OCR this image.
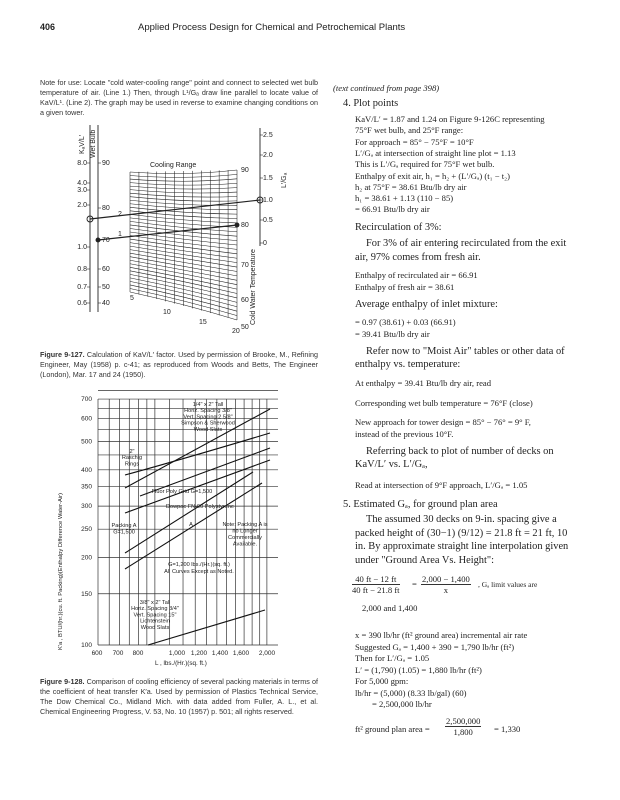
406	Applied Process Design for Chemical and Petrochemical Plants
Note for use: Locate "cold water-cooling range" point and connect to selected wet bulb temperature of air. (Line 1.) Then, through L¹/Gₐ draw line parallel to locate value of KaV/L¹. (Line 2). The graph may be used in reverse to examine changing conditions on a given tower.
KₐV/L′ Wet Bulb
Cooling Range
Cold Water Temperature
L′/Gₐ
2
1
8.0
4.0
3.0
2.0
1.0
0.8
0.7
0.6
90
80
70
60
50
40
90
80
70
60
50
2.5
2.0
1.5
1.0
0.5
0
5
10
15
20
Figure 9-127. Calculation of KaV/L′ factor. Used by permission of Brooke, M., Refining Engineer, May (1958) p. c-41; as reproduced from Woods and Betts, The Engineer (London), Mar. 17 and 24 (1950).
1/4" x 2" Tall
Horiz. Spacing 3/8"
Vert. Spacing 2 5/8"
Simpson & Sherwood
Wood Slats
2"
Raschig
Rings
Fluor Poly Grid G=1,500
Dowpac FN-90 Polystyrene
Packing A
G=1,500
A	Note: Packing A is
no Longer
Commercially
Available.
G=1,200 lbs./(Hr.)(sq. ft.)
All Curves Except as Noted.
3/8" x 2" Tall
Horiz. Spacing 3/4"
Vert. Spacing 15"
Lichtenstein
Wood Slats
700
600
500
400
350
300
250
200
150
100
600 700 800	1,000 1,200 1,400 1,600 2,000
K′a , BTU/(hr.)(cu. ft. Packing)(Enthalpy Difference Water-Air)
L , lbs./(Hr.)(sq. ft.)
Figure 9-128. Comparison of cooling efficiency of several packing materials in terms of the coefficient of heat transfer K′a. Used by permission of Plastics Technical Service, The Dow Chemical Co., Midland Mich. with data added from Fuller, A. L., et al. Chemical Engineering Progress, V. 53, No. 10 (1957) p. 501; all rights reserved.
(text continued from page 398)
4. Plot points
KaV/L′ = 1.87 and 1.24 on Figure 9-126C representing
75°F wet bulb, and 25°F range:
For approach = 85° − 75°F = 10°F
L′/Gₐ at intersection of straight line plot = 1.13
This is L′/Gₐ required for 75°F wet bulb.
Enthalpy of exit air, h₁ = h₂ + (L′/Gₐ) (t₁ − t₂)
h₂ at 75°F = 38.61 Btu/lb dry air
h₁ = 38.61 + 1.13 (110 − 85)
= 66.91 Btu/lb dry air
Recirculation of 3%:
For 3% of air entering recirculated from the exit
air, 97% comes from fresh air.
Enthalpy of recirculated air = 66.91
Enthalpy of fresh air = 38.61
Average enthalpy of inlet mixture:
= 0.97 (38.61) + 0.03 (66.91)
= 39.41 Btu/lb dry air
Refer now to "Moist Air" tables or other data of
enthalpy vs. temperature:
At enthalpy = 39.41 Btu/lb dry air, read
Corresponding wet bulb temperature = 76°F (close)
New approach for tower design = 85° − 76° = 9° F,
instead of the previous 10°F.
Referring back to plot of number of decks on
KaV/L′ vs. L′/Gₐ,
Read at intersection of 9°F approach, L′/Gₐ = 1.05
5. Estimated Gₐ, for ground plan area
The assumed 30 decks on 9-in. spacing give a
packed height of (30−1) (9/12) = 21.8 ft = 21 ft, 10
in. By approximate straight line interpolation given
under "Ground Area Vs. Height":
x = 390 lb/hr (ft² ground area) incremental air rate
Suggested Gₐ = 1,400 + 390 = 1,790 lb/hr (ft²)
Then for L′/Gₐ = 1.05
L′ = (1,790) (1.05) = 1,880 lb/hr (ft²)
For 5,000 gpm:
lb/hr = (5,000) (8.33 lb/gal) (60)
= 2,500,000 lb/hr
$\frac{40 ft - 12 ft}{40 ft - 21.8 ft} = \frac{2,000 - 1,400}{x}$ , Gₐ limit values are
2,000 and 1,400
ft² ground plan area = $\frac{2,500,000}{1,800} = 1,330$
